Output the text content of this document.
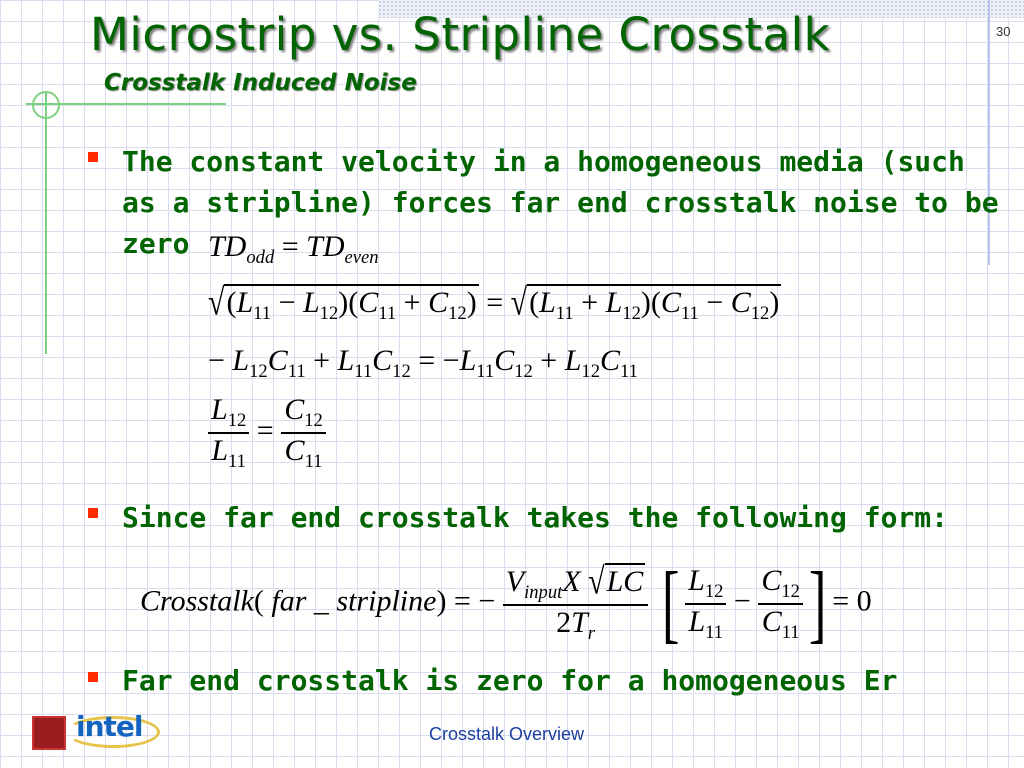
Microstrip vs. Stripline Crosstalk
Crosstalk Induced Noise
30
The constant velocity in a homogeneous media (such
as a stripline) forces far end crosstalk noise to be
zero $TD_{odd} = TD_{even}$
$√(L_{11} - L_{12})(C_{11} + C_{12}) = √(L_{11} + L_{12})(C_{11} - C_{12})$
− $L_{12}C_{11} + L_{11}C_{12} = -L_{11}C_{12} + L_{12}C_{11}$
$\frac{L_{12}}{L_{11}} = \frac{C_{12}}{C_{11}}$
Since far end crosstalk takes the following form:
Crosstalk( far _ stripline) = − $\frac{V_{input}X √LC}{2T_r}$ [ $\frac{L_{12}}{L_{11}} - \frac{C_{12}}{C_{11}}$ ] = 0
Far end crosstalk is zero for a homogeneous Er
intel	Crosstalk Overview
